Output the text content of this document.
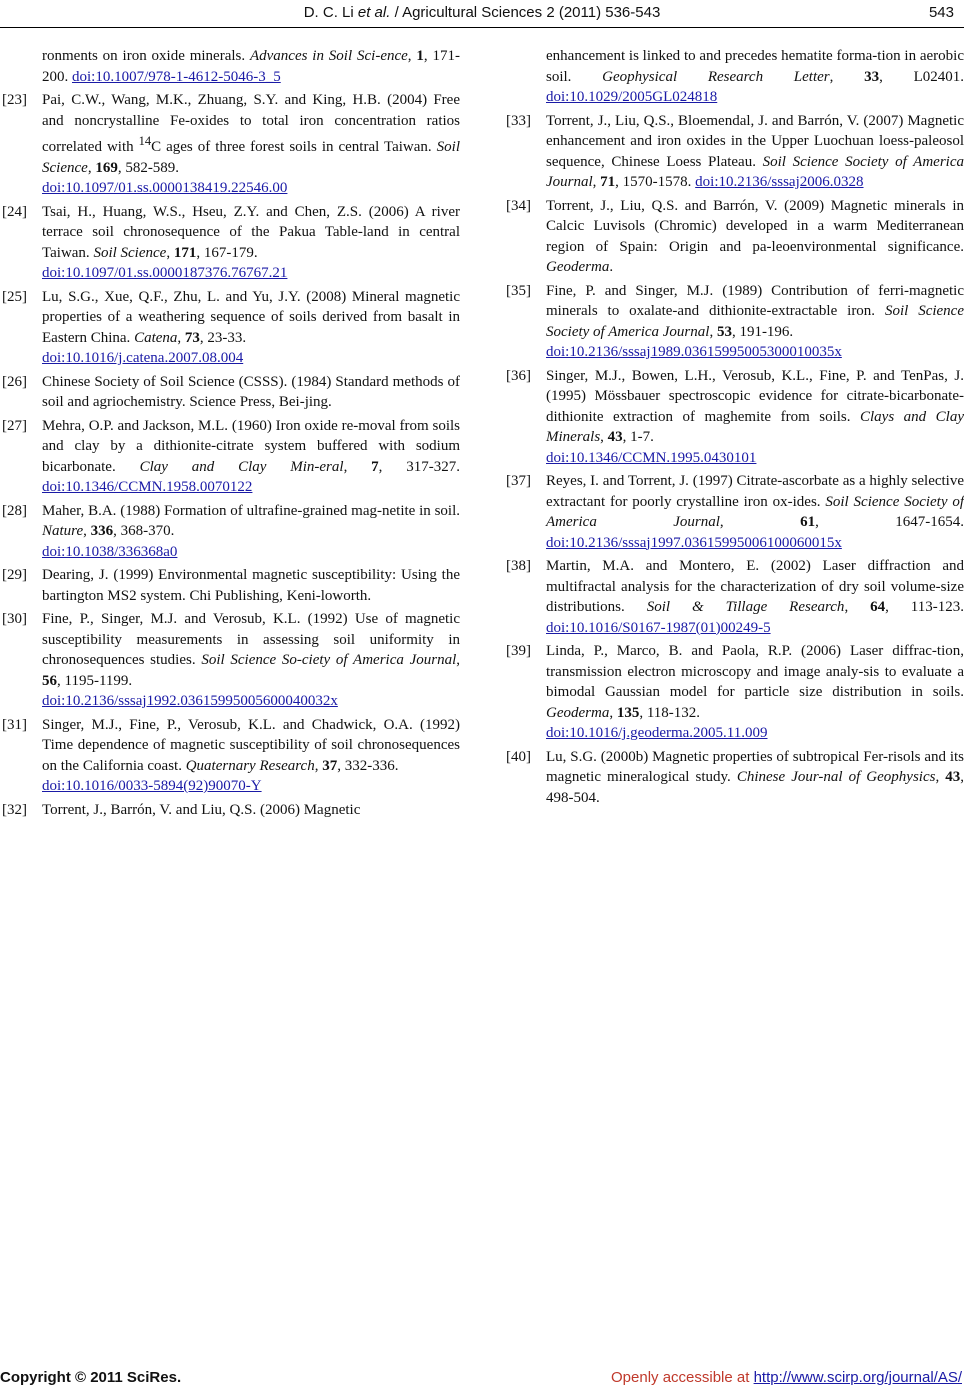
D. C. Li et al. / Agricultural Sciences 2 (2011) 536-543	543
ronments on iron oxide minerals. Advances in Soil Sci-ence, 1, 171-200. doi:10.1007/978-1-4612-5046-3_5
[23] Pai, C.W., Wang, M.K., Zhuang, S.Y. and King, H.B. (2004) Free and noncrystalline Fe-oxides to total iron concentration ratios correlated with $^{14}$C ages of three forest soils in central Taiwan. Soil Science, 169, 582-589.
doi:10.1097/01.ss.0000138419.22546.00
[24] Tsai, H., Huang, W.S., Hseu, Z.Y. and Chen, Z.S. (2006) A river terrace soil chronosequence of the Pakua Table-land in central Taiwan. Soil Science, 171, 167-179.
doi:10.1097/01.ss.0000187376.76767.21
[25] Lu, S.G., Xue, Q.F., Zhu, L. and Yu, J.Y. (2008) Mineral magnetic properties of a weathering sequence of soils derived from basalt in Eastern China. Catena, 73, 23-33.
doi:10.1016/j.catena.2007.08.004
[26] Chinese Society of Soil Science (CSSS). (1984) Standard methods of soil and agriochemistry. Science Press, Bei-jing.
[27] Mehra, O.P. and Jackson, M.L. (1960) Iron oxide re-moval from soils and clay by a dithionite-citrate system buffered with sodium bicarbonate. Clay and Clay Min-eral, 7, 317-327. doi:10.1346/CCMN.1958.0070122
[28] Maher, B.A. (1988) Formation of ultrafine-grained mag-netite in soil. Nature, 336, 368-370.
doi:10.1038/336368a0
[29] Dearing, J. (1999) Environmental magnetic susceptibility: Using the bartington MS2 system. Chi Publishing, Keni-loworth.
[30] Fine, P., Singer, M.J. and Verosub, K.L. (1992) Use of magnetic susceptibility measurements in assessing soil uniformity in chronosequences studies. Soil Science So-ciety of America Journal, 56, 1195-1199.
doi:10.2136/sssaj1992.03615995005600040032x
[31] Singer, M.J., Fine, P., Verosub, K.L. and Chadwick, O.A. (1992) Time dependence of magnetic susceptibility of soil chronosequences on the California coast. Quaternary Research, 37, 332-336.
doi:10.1016/0033-5894(92)90070-Y
[32] Torrent, J., Barrón, V. and Liu, Q.S. (2006) Magnetic
enhancement is linked to and precedes hematite forma-tion in aerobic soil. Geophysical Research Letter, 33, L02401. doi:10.1029/2005GL024818
[33] Torrent, J., Liu, Q.S., Bloemendal, J. and Barrón, V. (2007) Magnetic enhancement and iron oxides in the Upper Luochuan loess-paleosol sequence, Chinese Loess Plateau. Soil Science Society of America Journal, 71, 1570-1578. doi:10.2136/sssaj2006.0328
[34] Torrent, J., Liu, Q.S. and Barrón, V. (2009) Magnetic minerals in Calcic Luvisols (Chromic) developed in a warm Mediterranean region of Spain: Origin and pa-leoenvironmental significance. Geoderma.
[35] Fine, P. and Singer, M.J. (1989) Contribution of ferri-magnetic minerals to oxalate-and dithionite-extractable iron. Soil Science Society of America Journal, 53, 191-196.
doi:10.2136/sssaj1989.03615995005300010035x
[36] Singer, M.J., Bowen, L.H., Verosub, K.L., Fine, P. and TenPas, J. (1995) Mössbauer spectroscopic evidence for citrate-bicarbonate-dithionite extraction of maghemite from soils. Clays and Clay Minerals, 43, 1-7.
doi:10.1346/CCMN.1995.0430101
[37] Reyes, I. and Torrent, J. (1997) Citrate-ascorbate as a highly selective extractant for poorly crystalline iron ox-ides. Soil Science Society of America Journal, 61, 1647-1654. doi:10.2136/sssaj1997.03615995006100060015x
[38] Martin, M.A. and Montero, E. (2002) Laser diffraction and multifractal analysis for the characterization of dry soil volume-size distributions. Soil & Tillage Research, 64, 113-123. doi:10.1016/S0167-1987(01)00249-5
[39] Linda, P., Marco, B. and Paola, R.P. (2006) Laser diffrac-tion, transmission electron microscopy and image analy-sis to evaluate a bimodal Gaussian model for particle size distribution in soils. Geoderma, 135, 118-132.
doi:10.1016/j.geoderma.2005.11.009
[40] Lu, S.G. (2000b) Magnetic properties of subtropical Fer-risols and its magnetic mineralogical study. Chinese Jour-nal of Geophysics, 43, 498-504.
Copyright © 2011 SciRes.	Openly accessible at http://www.scirp.org/journal/AS/
